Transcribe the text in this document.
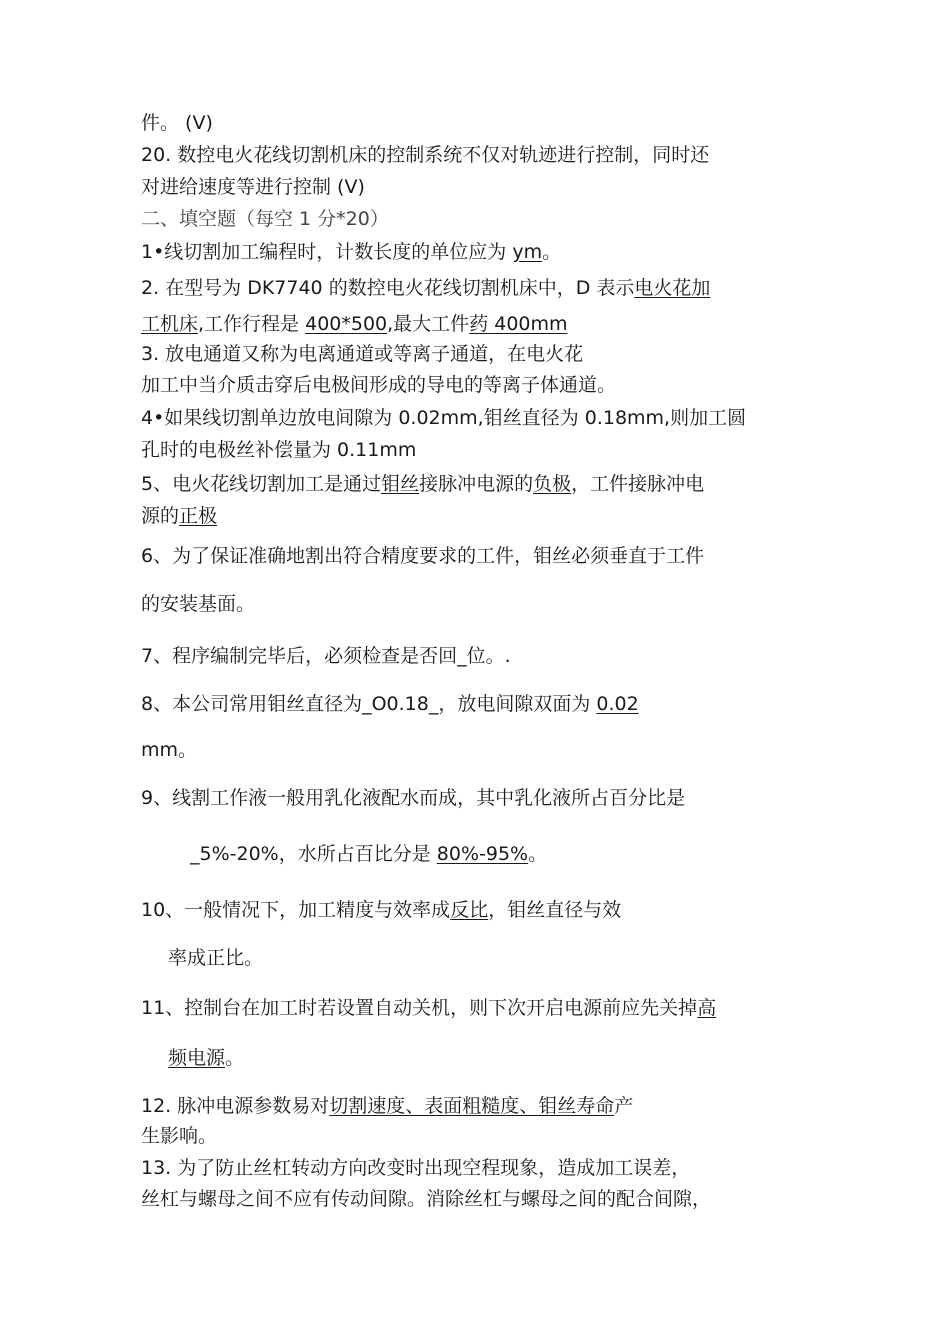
件。 (V)
20. 数控电火花线切割机床的控制系统不仅对轨迹进行控制，同时还
对进给速度等进行控制 (V)
二、填空题（每空 1 分*20）
1•线切割加工编程时，计数长度的单位应为 ym。
2. 在型号为 DK7740 的数控电火花线切割机床中，D 表示电火花加
工机床,工作行程是 400*500,最大工件药 400mm
3. 放电通道又称为电离通道或等离子通道，在电火花
加工中当介质击穿后电极间形成的导电的等离子体通道。
4•如果线切割单边放电间隙为 0.02mm,钼丝直径为 0.18mm,则加工圆
孔时的电极丝补偿量为 0.11mm
5、电火花线切割加工是通过钼丝接脉冲电源的负极，工件接脉冲电
源的正极
6、为了保证准确地割出符合精度要求的工件，钼丝必须垂直于工件
的安装基面。
7、程序编制完毕后，必须检查是否回_位。.
8、本公司常用钼丝直径为_O0.18_，放电间隙双面为 0.02
mm。
9、线割工作液一般用乳化液配水而成，其中乳化液所占百分比是
_5%-20%，水所占百比分是 80%-95%。
10、一般情况下，加工精度与效率成反比，钼丝直径与效
率成正比。
11、控制台在加工时若设置自动关机，则下次开启电源前应先关掉高
频电源。
12. 脉冲电源参数易对切割速度、表面粗糙度、钼丝寿命产
生影响。
13. 为了防止丝杠转动方向改变时出现空程现象，造成加工误差，
丝杠与螺母之间不应有传动间隙。消除丝杠与螺母之间的配合间隙，
